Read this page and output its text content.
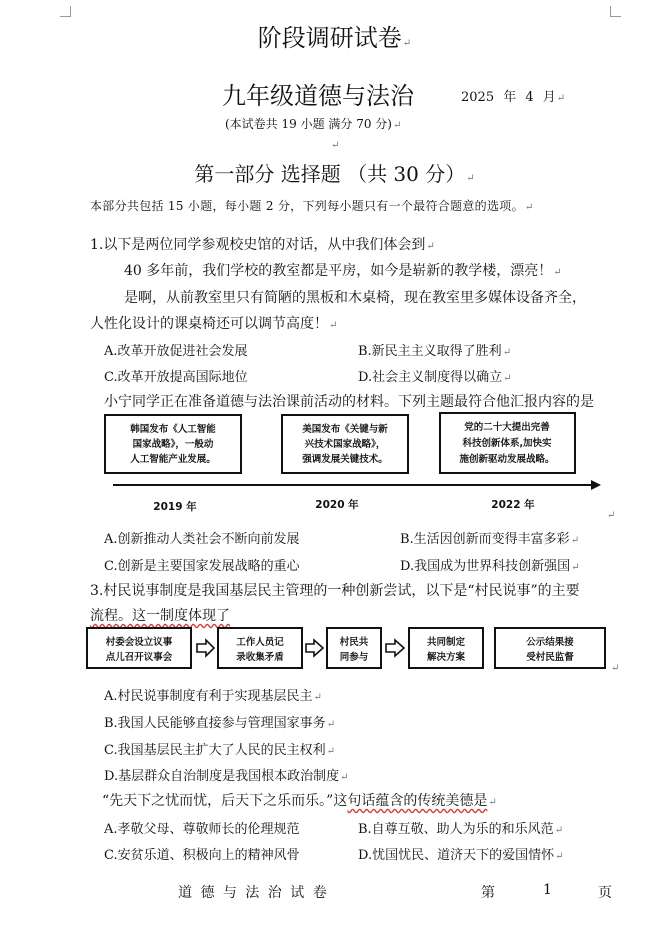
阶段调研试卷↵
九年级道德与法治	2025 年 4 月↵
(本试卷共 19 小题 满分 70 分)↵
↵
第一部分 选择题 （共 30 分）↵
本部分共包括 15 小题，每小题 2 分，下列每小题只有一个最符合题意的选项。↵
1.以下是两位同学参观校史馆的对话，从中我们体会到↵
40 多年前，我们学校的教室都是平房，如今是崭新的教学楼，漂亮！↵
是啊，从前教室里只有简陋的黑板和木桌椅，现在教室里多媒体设备齐全，
人性化设计的课桌椅还可以调节高度！↵
A.改革开放促进社会发展	B.新民主主义取得了胜利↵
C.改革开放提高国际地位	D.社会主义制度得以确立↵
小宁同学正在准备道德与法治课前活动的材料。下列主题最符合他汇报内容的是
韩国发布《人工智能
国家战略》，一般动
人工智能产业发展。
美国发布《关键与新
兴技术国家战略》，
强调发展关键技术。
党的二十大提出完善
科技创新体系,加快实
施创新驱动发展战略。
2019 年	2020 年	2022 年
↵
A.创新推动人类社会不断向前发展	B.生活因创新而变得丰富多彩↵
C.创新是主要国家发展战略的重心	D.我国成为世界科技创新强国↵
3.村民说事制度是我国基层民主管理的一种创新尝试，以下是“村民说事”的主要
流程。这一制度体现了
村委会设立议事
点儿召开议事会
工作人员记
录收集矛盾
村民共
同参与
共同制定
解决方案
公示结果接
受村民监督
↵
A.村民说事制度有利于实现基层民主↵
B.我国人民能够直接参与管理国家事务↵
C.我国基层民主扩大了人民的民主权利↵
D.基层群众自治制度是我国根本政治制度↵
“先天下之忧而忧，后天下之乐而乐。”这句话蕴含的传统美德是↵
A.孝敬父母、尊敬师长的伦理规范	B.自尊互敬、助人为乐的和乐风范↵
C.安贫乐道、积极向上的精神风骨	D.忧国忧民、道济天下的爱国情怀↵
道 德 与 法 治 试 卷	第	1	页
